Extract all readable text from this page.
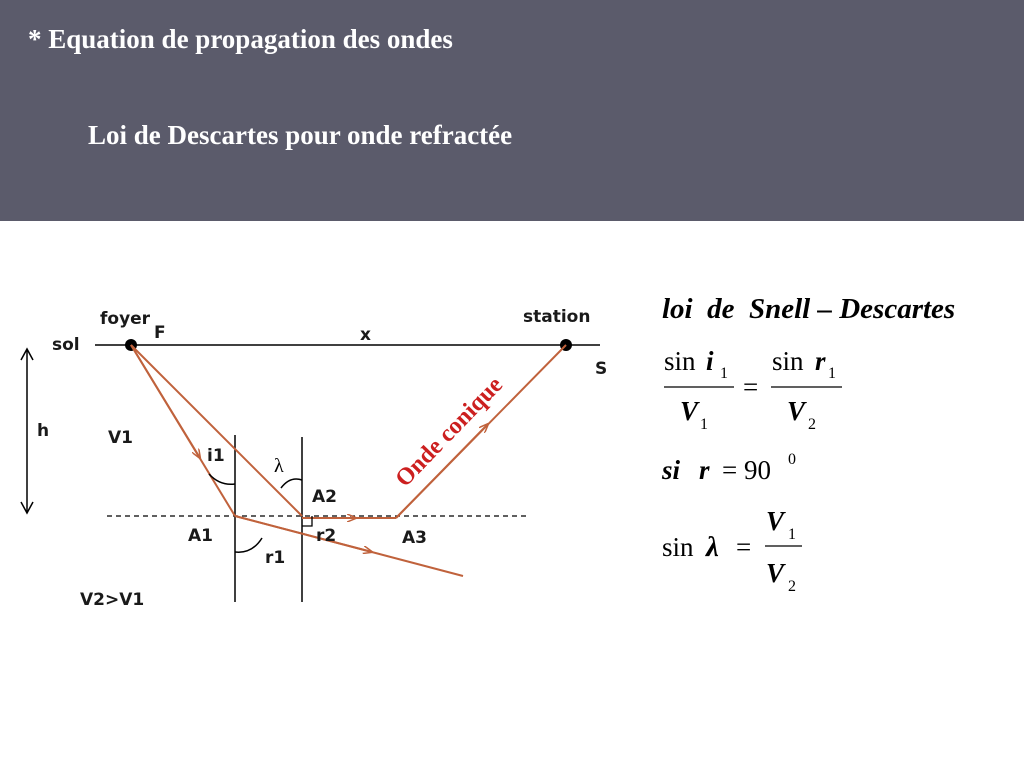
* Equation de propagation des ondes
Loi de Descartes pour onde refractée
foyer
F	x
station
S
sol
h	V1
i1 λ
A2
A1	r2	A3
r1
V2>V1
Onde conique
loi  de  Snell – Descartes
sin i 1
V 1
=
sin r 1
V 2
si r = 90 0
sin λ =
V 1
V 2
